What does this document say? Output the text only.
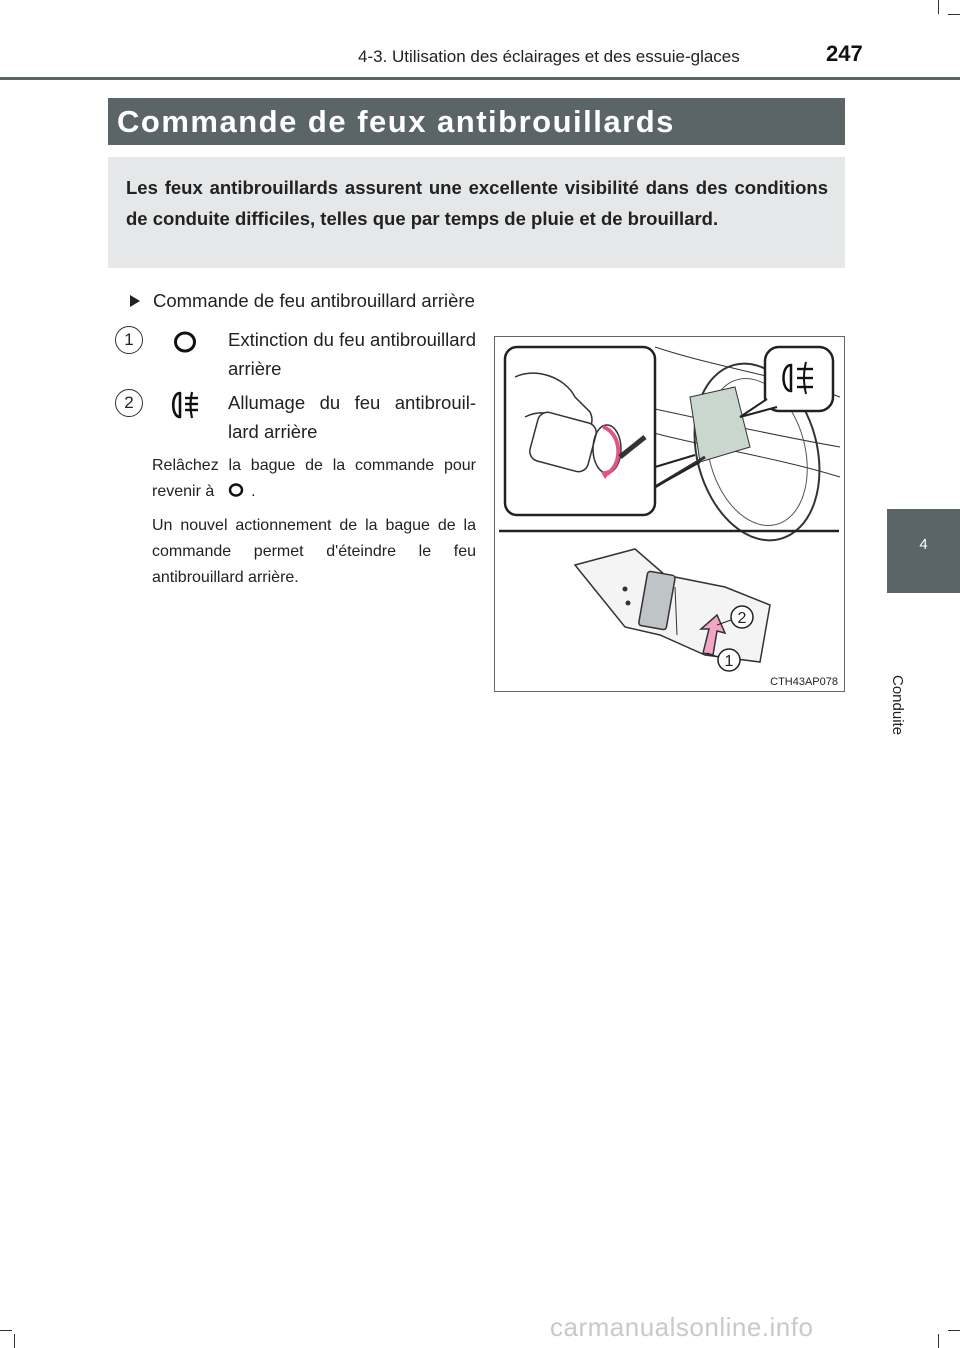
4-3. Utilisation des éclairages et des essuie-glaces	247
Commande de feux antibrouillards
Les feux antibrouillards assurent une excellente visibilité dans des conditions de conduite difficiles, telles que par temps de pluie et de brouillard.
Commande de feu antibrouillard arrière
1	Extinction du feu antibrouillard arrière
2	Allumage du feu antibrouil-lard arrière
Relâchez la bague de la commande pour revenir à .
Un nouvel actionnement de la bague de la commande permet d'éteindre le feu antibrouillard arrière.
2
1
CTH43AP078
4
Conduite
carmanualsonline.info
